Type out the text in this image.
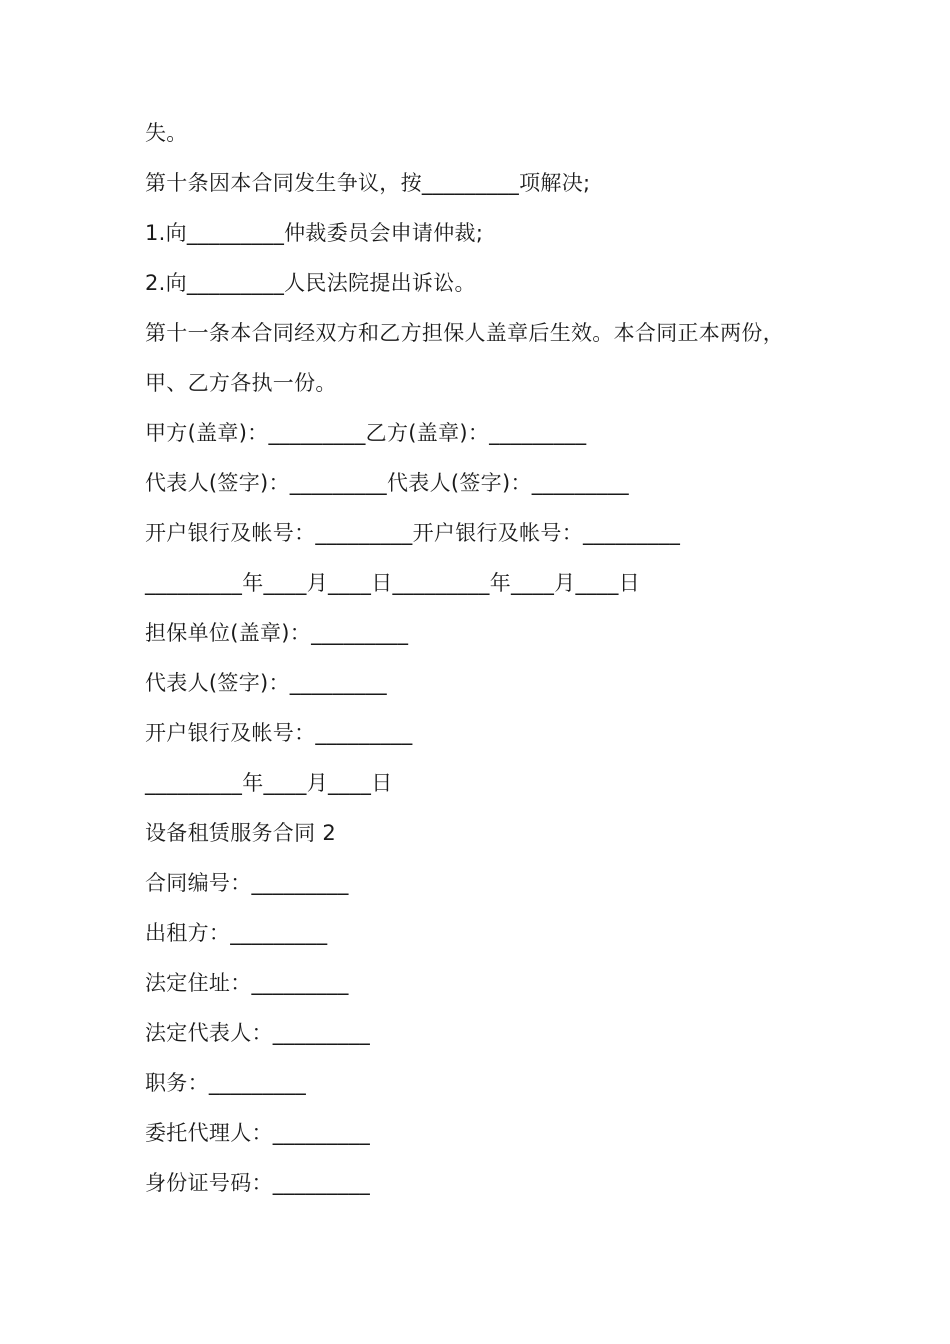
失。
第十条因本合同发生争议，按_________项解决;
1.向_________仲裁委员会申请仲裁;
2.向_________人民法院提出诉讼。
第十一条本合同经双方和乙方担保人盖章后生效。本合同正本两份，
甲、乙方各执一份。
甲方(盖章)：_________乙方(盖章)：_________
代表人(签字)：_________代表人(签字)：_________
开户银行及帐号：_________开户银行及帐号：_________
_________年____月____日_________年____月____日
担保单位(盖章)：_________
代表人(签字)：_________
开户银行及帐号：_________
_________年____月____日
设备租赁服务合同 2
合同编号：_________
出租方：_________
法定住址：_________
法定代表人：_________
职务：_________
委托代理人：_________
身份证号码：_________
